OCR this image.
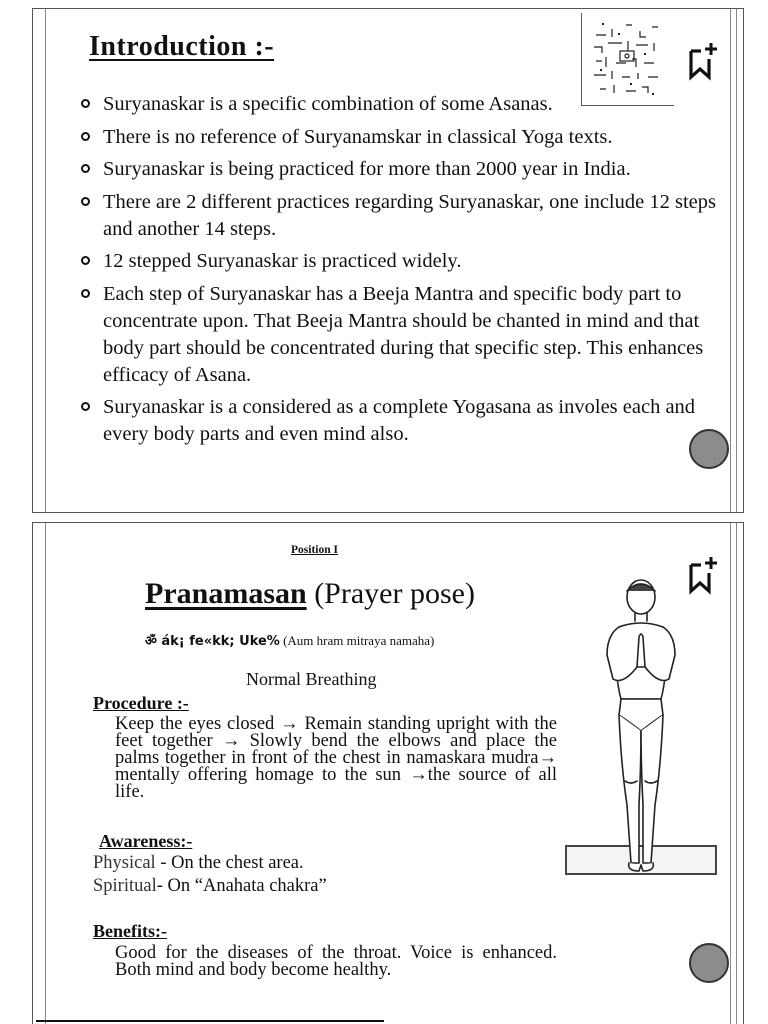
Introduction :-
Suryanaskar is a specific combination of some Asanas.
There is no reference of Suryanamskar in classical Yoga texts.
Suryanaskar is being practiced for more than 2000 year in India.
There are 2 different practices regarding Suryanaskar, one include 12 steps and another 14 steps.
12 stepped Suryanaskar is practiced widely.
Each step of Suryanaskar has a Beeja Mantra and specific body part to concentrate upon. That Beeja Mantra should be chanted in mind and that body part should be concentrated during that specific step. This enhances efficacy of Asana.
Suryanaskar is a considered as a complete Yogasana as involes each and every body parts and even mind also.
Position I
Pranamasan (Prayer pose)
ॐ ák¡ fe«kk; Uke% (Aum hram mitraya namaha)
Normal Breathing
Procedure :-
Keep the eyes closed → Remain standing upright with the feet together → Slowly bend the elbows and place the palms together in front of the chest in namaskara mudra→ mentally offering homage to the sun →the source of all life.
Awareness:-
Physical - On the chest area.
Spiritual- On “Anahata chakra”
Benefits:-
Good for the diseases of the throat. Voice is enhanced. Both mind and body become healthy.
